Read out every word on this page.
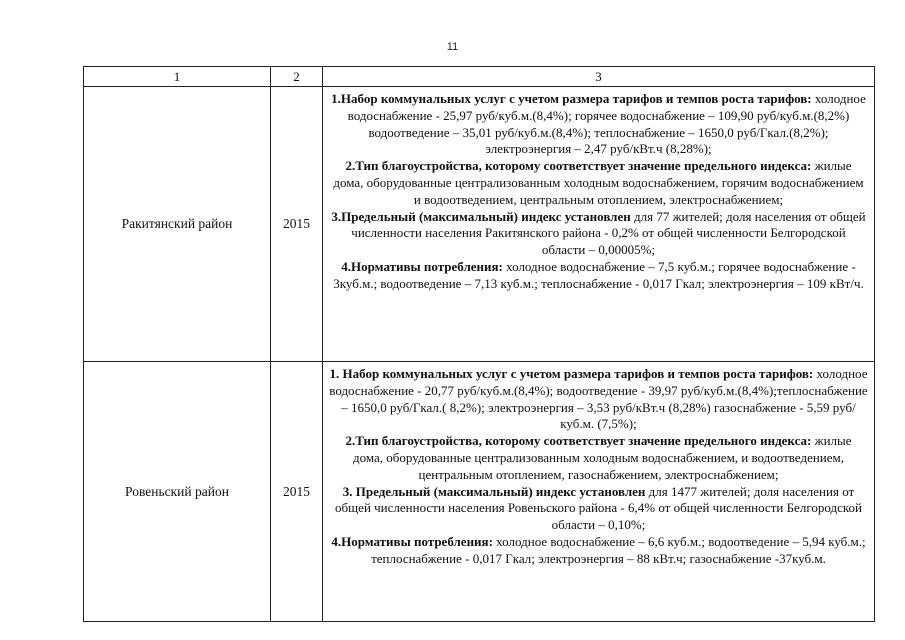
11
1	2	3
Ракитянский район	2015	1.Набор коммунальных услуг с учетом размера тарифов и темпов роста тарифов: холодное водоснабжение - 25,97 руб/куб.м.(8,4%); горячее водоснабжение – 109,90 руб/куб.м.(8,2%) водоотведение – 35,01 руб/куб.м.(8,4%); теплоснабжение – 1650,0 руб/Гкал.(8,2%); электроэнергия – 2,47 руб/кВт.ч (8,28%);

2.Тип благоустройства, которому соответствует значение предельного индекса: жилые дома, оборудованные централизованным холодным водоснабжением, горячим водоснабжением и водоотведением, центральным отоплением, электроснабжением;

3.Предельный (максимальный) индекс установлен для 77 жителей; доля населения от общей численности населения Ракитянского района - 0,2% от общей численности Белгородской области – 0,00005%;

4.Нормативы потребления: холодное водоснабжение – 7,5 куб.м.; горячее водоснабжение - 3куб.м.; водоотведение – 7,13 куб.м.; теплоснабжение - 0,017 Гкал; электроэнергия – 109 кВт/ч.

Ровеньский район	2015	1. Набор коммунальных услуг с учетом размера тарифов и темпов роста тарифов: холодное водоснабжение - 20,77 руб/куб.м.(8,4%); водоотведение - 39,97 руб/куб.м.(8,4%);теплоснабжение – 1650,0 руб/Гкал.( 8,2%); электроэнергия – 3,53 руб/кВт.ч (8,28%) газоснабжение - 5,59 руб/куб.м. (7,5%);

2.Тип благоустройства, которому соответствует значение предельного индекса: жилые дома, оборудованные централизованным холодным водоснабжением, и водоотведением, центральным отоплением, газоснабжением, электроснабжением;

3. Предельный (максимальный) индекс установлен для 1477 жителей; доля населения от общей численности населения Ровеньского района - 6,4% от общей численности Белгородской области – 0,10%;

4.Нормативы потребления: холодное водоснабжение – 6,6 куб.м.; водоотведение – 5,94 куб.м.; теплоснабжение - 0,017 Гкал; электроэнергия – 88 кВт.ч; газоснабжение -37куб.м.
